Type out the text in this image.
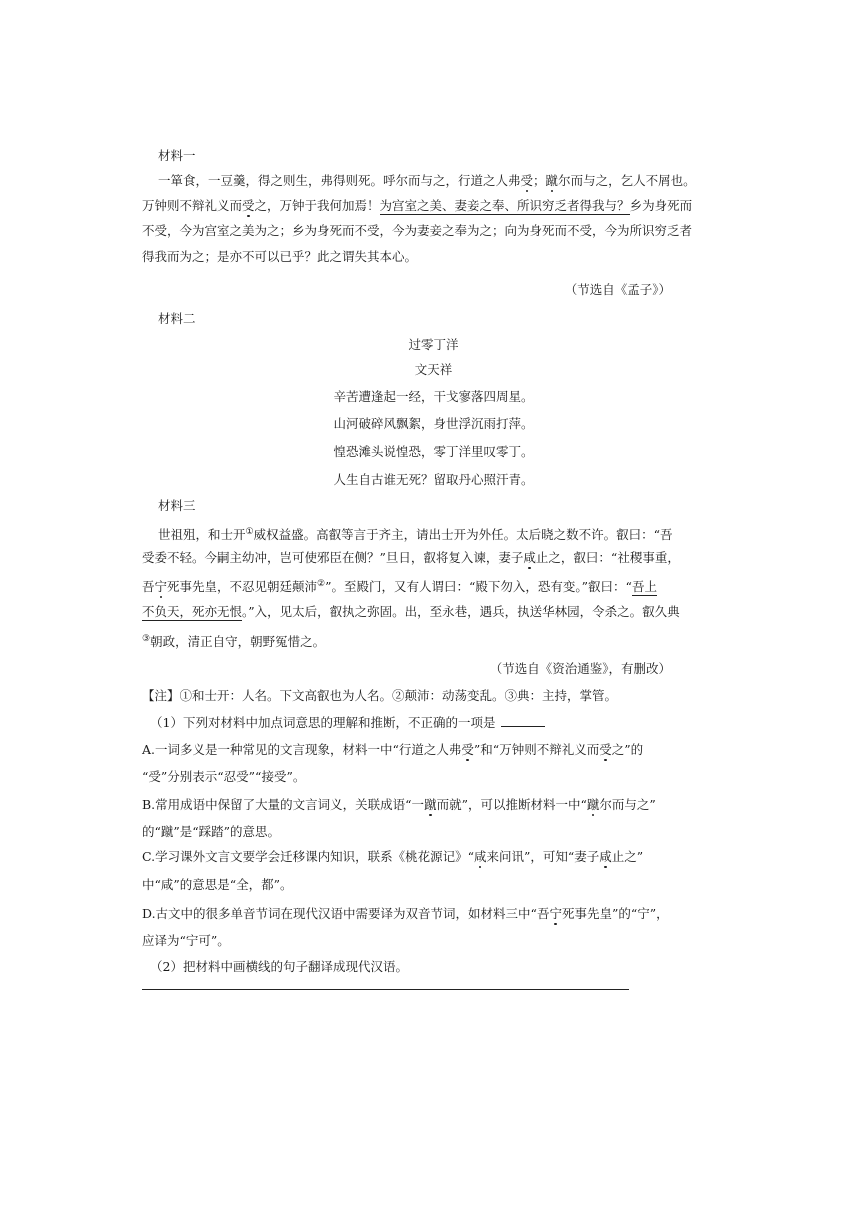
材料一
一箪食，一豆羹，得之则生，弗得则死。呼尔而与之，行道之人弗受；蹴尔而与之，乞人不屑也。
万钟则不辩礼义而受之，万钟于我何加焉！为宫室之美、妻妾之奉、所识穷乏者得我与？乡为身死而
不受，今为宫室之美为之；乡为身死而不受，今为妻妾之奉为之；向为身死而不受，今为所识穷乏者
得我而为之；是亦不可以已乎？此之谓失其本心。
（节选自《孟子》）
材料二
过零丁洋
文天祥
辛苦遭逢起一经，干戈寥落四周星。
山河破碎风飘絮，身世浮沉雨打萍。
惶恐滩头说惶恐，零丁洋里叹零丁。
人生自古谁无死？留取丹心照汗青。
材料三
世祖殂，和士开①威权益盛。高叡等言于齐主，请出士开为外任。太后晓之数不许。叡曰：“吾
受委不轻。今嗣主幼冲，岂可使邪臣在侧？”旦日，叡将复入谏，妻子咸止之，叡曰：“社稷事重，
吾宁死事先皇，不忍见朝廷颠沛②”。至殿门，又有人谓曰：“殿下勿入，恐有变。”叡曰：“吾上
不负天，死亦无恨。”入，见太后，叡执之弥固。出，至永巷，遇兵，执送华林园，令杀之。叡久典
③朝政，清正自守，朝野冤惜之。
（节选自《资治通鉴》，有删改）
【注】①和士开：人名。下文高叡也为人名。②颠沛：动荡变乱。③典：主持，掌管。
（1）下列对材料中加点词意思的理解和推断，不正确的一项是
A.一词多义是一种常见的文言现象，材料一中“行道之人弗受”和“万钟则不辩礼义而受之”的
“受”分别表示“忍受”“接受”。
B.常用成语中保留了大量的文言词义，关联成语“一蹴而就”，可以推断材料一中“蹴尔而与之”
的“蹴”是“踩踏”的意思。
C.学习课外文言文要学会迁移课内知识，联系《桃花源记》“咸来问讯”，可知“妻子咸止之”
中“咸”的意思是“全，都”。
D.古文中的很多单音节词在现代汉语中需要译为双音节词，如材料三中“吾宁死事先皇”的“宁”，
应译为“宁可”。
（2）把材料中画横线的句子翻译成现代汉语。
